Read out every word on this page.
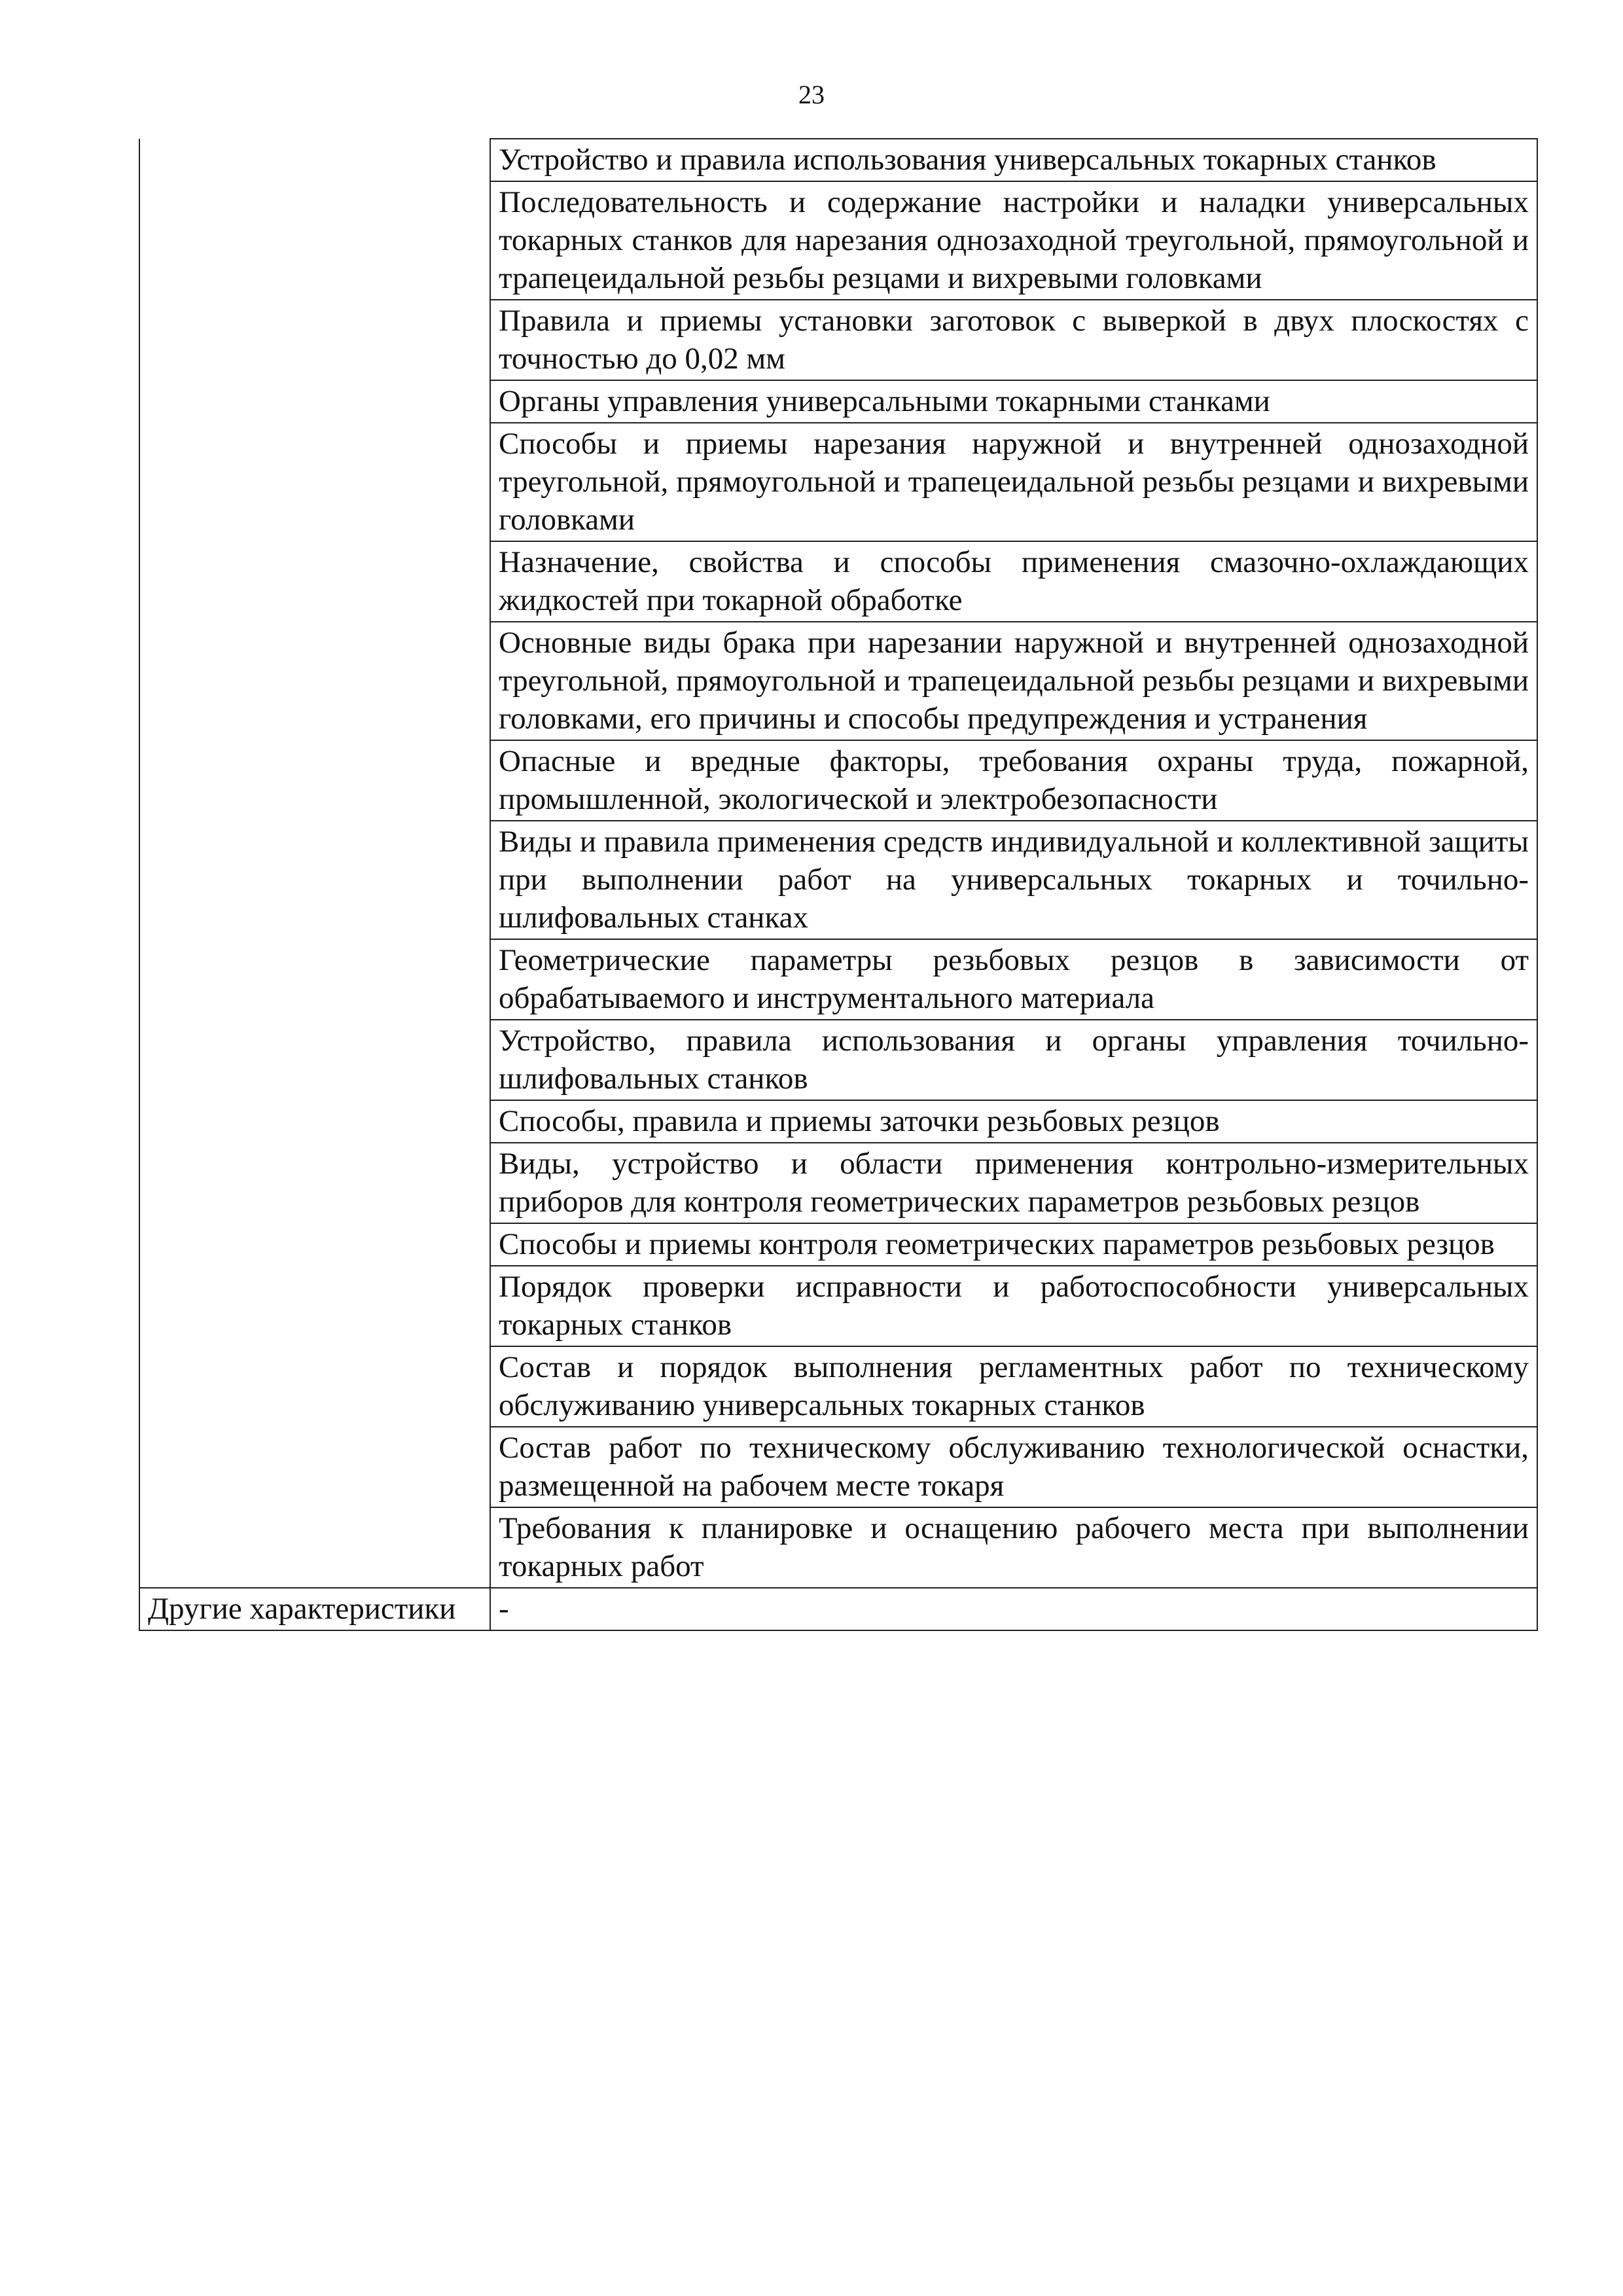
23
	Устройство и правила использования универсальных токарных станков
	Последовательность и содержание настройки и наладки универсальных токарных станков для нарезания однозаходной треугольной, прямоугольной и трапецеидальной резьбы резцами и вихревыми головками
	Правила и приемы установки заготовок с выверкой в двух плоскостях с точностью до 0,02 мм
	Органы управления универсальными токарными станками
	Способы и приемы нарезания наружной и внутренней однозаходной треугольной, прямоугольной и трапецеидальной резьбы резцами и вихревыми головками
	Назначение, свойства и способы применения смазочно-охлаждающих жидкостей при токарной обработке
	Основные виды брака при нарезании наружной и внутренней однозаходной треугольной, прямоугольной и трапецеидальной резьбы резцами и вихревыми головками, его причины и способы предупреждения и устранения
	Опасные и вредные факторы, требования охраны труда, пожарной, промышленной, экологической и электробезопасности
	Виды и правила применения средств индивидуальной и коллективной защиты при выполнении работ на универсальных токарных и точильно-шлифовальных станках
	Геометрические параметры резьбовых резцов в зависимости от обрабатываемого и инструментального материала
	Устройство, правила использования и органы управления точильно-шлифовальных станков
	Способы, правила и приемы заточки резьбовых резцов
	Виды, устройство и области применения контрольно-измерительных приборов для контроля геометрических параметров резьбовых резцов
	Способы и приемы контроля геометрических параметров резьбовых резцов
	Порядок проверки исправности и работоспособности универсальных токарных станков
	Состав и порядок выполнения регламентных работ по техническому обслуживанию универсальных токарных станков
	Состав работ по техническому обслуживанию технологической оснастки, размещенной на рабочем месте токаря
	Требования к планировке и оснащению рабочего места при выполнении токарных работ
Другие характеристики	-
